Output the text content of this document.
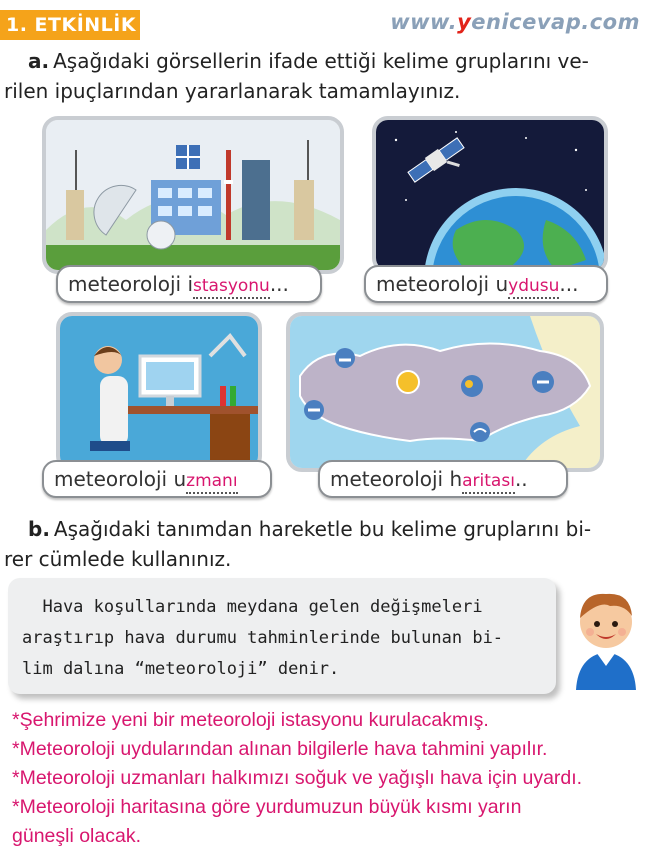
1. ETKİNLİK	www.yenicevap.com
a. Aşağıdaki görsellerin ifade ettiği kelime gruplarını ve-
rilen ipuçlarından yararlanarak tamamlayınız.
meteoroloji istasyonu...	meteoroloji uydusu...
meteoroloji uzmanı	meteoroloji haritası..
b. Aşağıdaki tanımdan hareketle bu kelime gruplarını bi-
rer cümlede kullanınız.
Hava koşullarında meydana gelen değişmeleri
araştırıp hava durumu tahminlerinde bulunan bi-
lim dalına “meteoroloji” denir.
*Şehrimize yeni bir meteoroloji istasyonu kurulacakmış.
*Meteoroloji uydularından alınan bilgilerle hava tahmini yapılır.
*Meteoroloji uzmanları halkımızı soğuk ve yağışlı hava için uyardı.
*Meteoroloji haritasına göre yurdumuzun büyük kısmı yarın
güneşli olacak.
